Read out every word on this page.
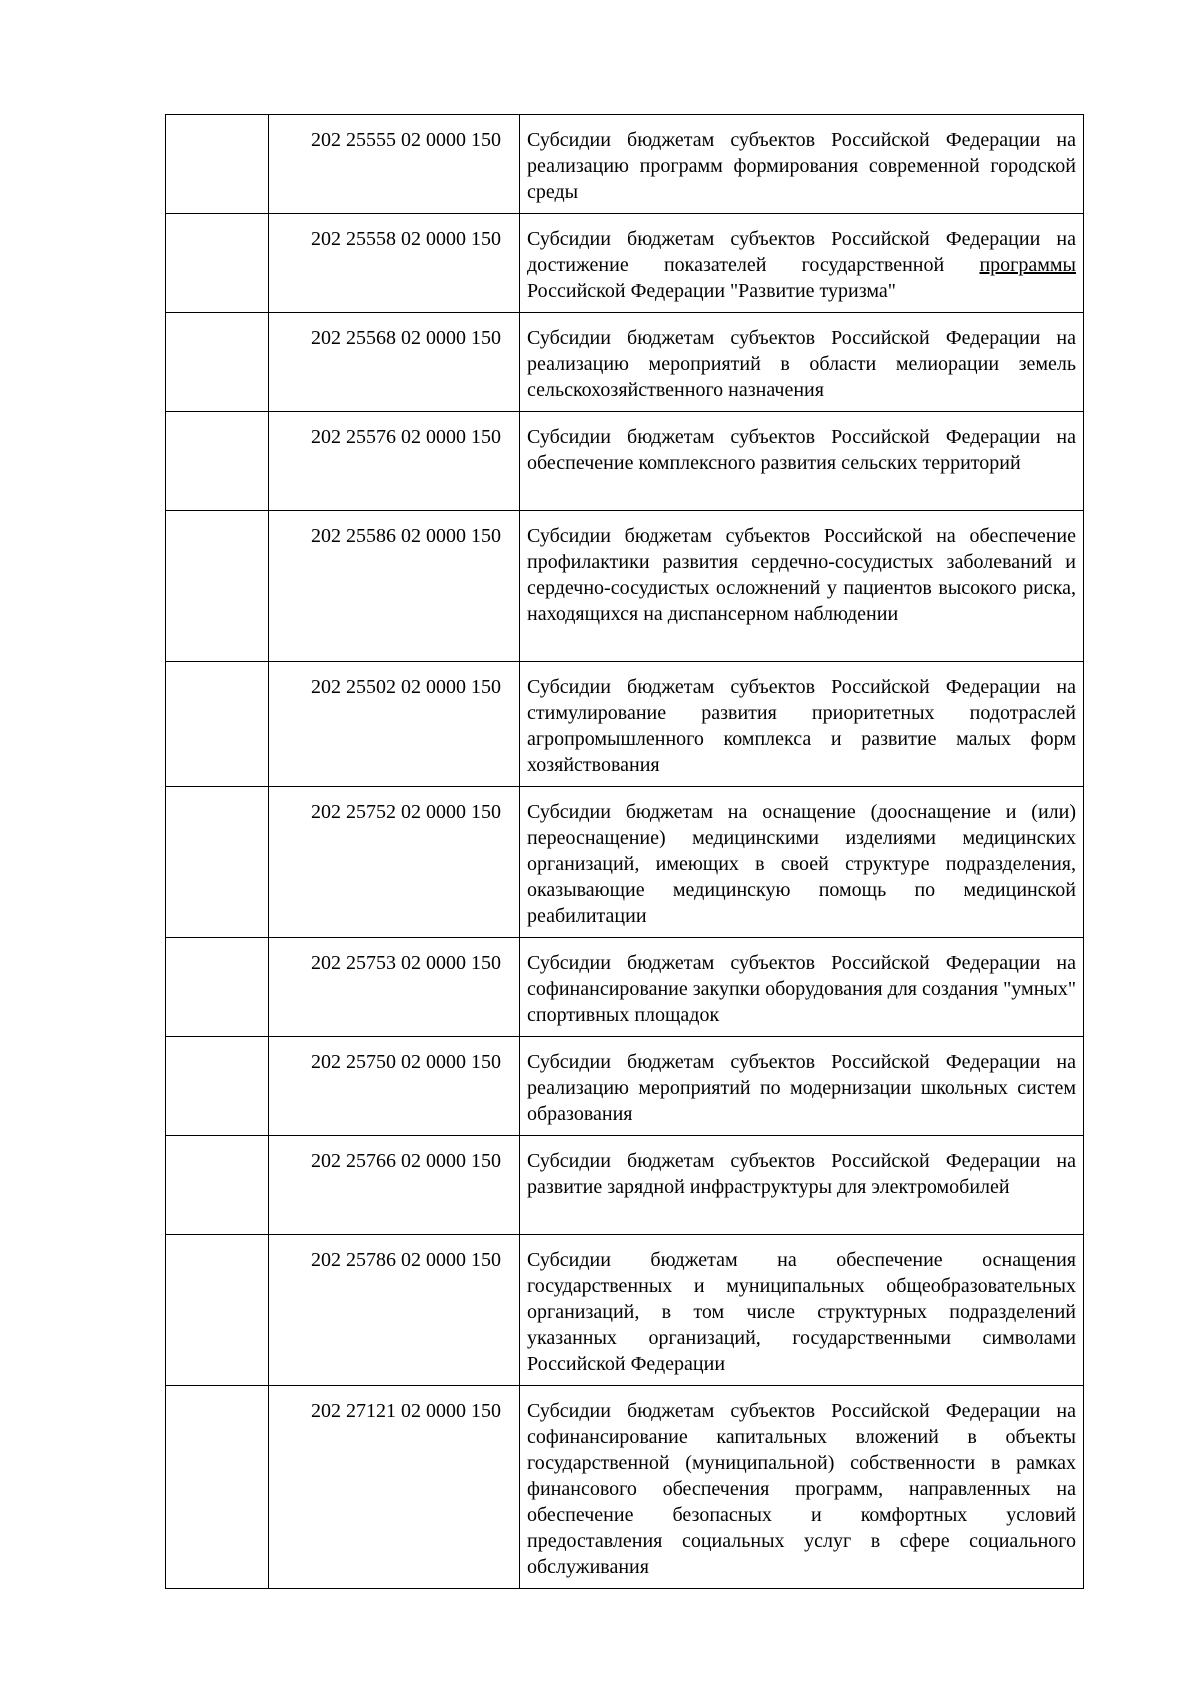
	202 25555 02 0000 150	Субсидии бюджетам субъектов Российской Федерации на реализацию программ формирования современной городской среды
	202 25558 02 0000 150	Субсидии бюджетам субъектов Российской Федерации на достижение показателей государственной программы Российской Федерации "Развитие туризма"
	202 25568 02 0000 150	Субсидии бюджетам субъектов Российской Федерации на реализацию мероприятий в области мелиорации земель сельскохозяйственного назначения
	202 25576 02 0000 150	Субсидии бюджетам субъектов Российской Федерации на обеспечение комплексного развития сельских территорий
	202 25586 02 0000 150	Субсидии бюджетам субъектов Российской на обеспечение профилактики развития сердечно-сосудистых заболеваний и сердечно-сосудистых осложнений у пациентов высокого риска, находящихся на диспансерном наблюдении
	202 25502 02 0000 150	Субсидии бюджетам субъектов Российской Федерации на стимулирование развития приоритетных подотраслей агропромышленного комплекса и развитие малых форм хозяйствования
	202 25752 02 0000 150	Субсидии бюджетам на оснащение (дооснащение и (или) переоснащение) медицинскими изделиями медицинских организаций, имеющих в своей структуре подразделения, оказывающие медицинскую помощь по медицинской реабилитации
	202 25753 02 0000 150	Субсидии бюджетам субъектов Российской Федерации на софинансирование закупки оборудования для создания "умных" спортивных площадок
	202 25750 02 0000 150	Субсидии бюджетам субъектов Российской Федерации на реализацию мероприятий по модернизации школьных систем образования
	202 25766 02 0000 150	Субсидии бюджетам субъектов Российской Федерации на развитие зарядной инфраструктуры для электромобилей
	202 25786 02 0000 150	Субсидии бюджетам на обеспечение оснащения государственных и муниципальных общеобразовательных организаций, в том числе структурных подразделений указанных организаций, государственными символами Российской Федерации
	202 27121 02 0000 150	Субсидии бюджетам субъектов Российской Федерации на софинансирование капитальных вложений в объекты государственной (муниципальной) собственности в рамках финансового обеспечения программ, направленных на обеспечение безопасных и комфортных условий предоставления социальных услуг в сфере социального обслуживания
